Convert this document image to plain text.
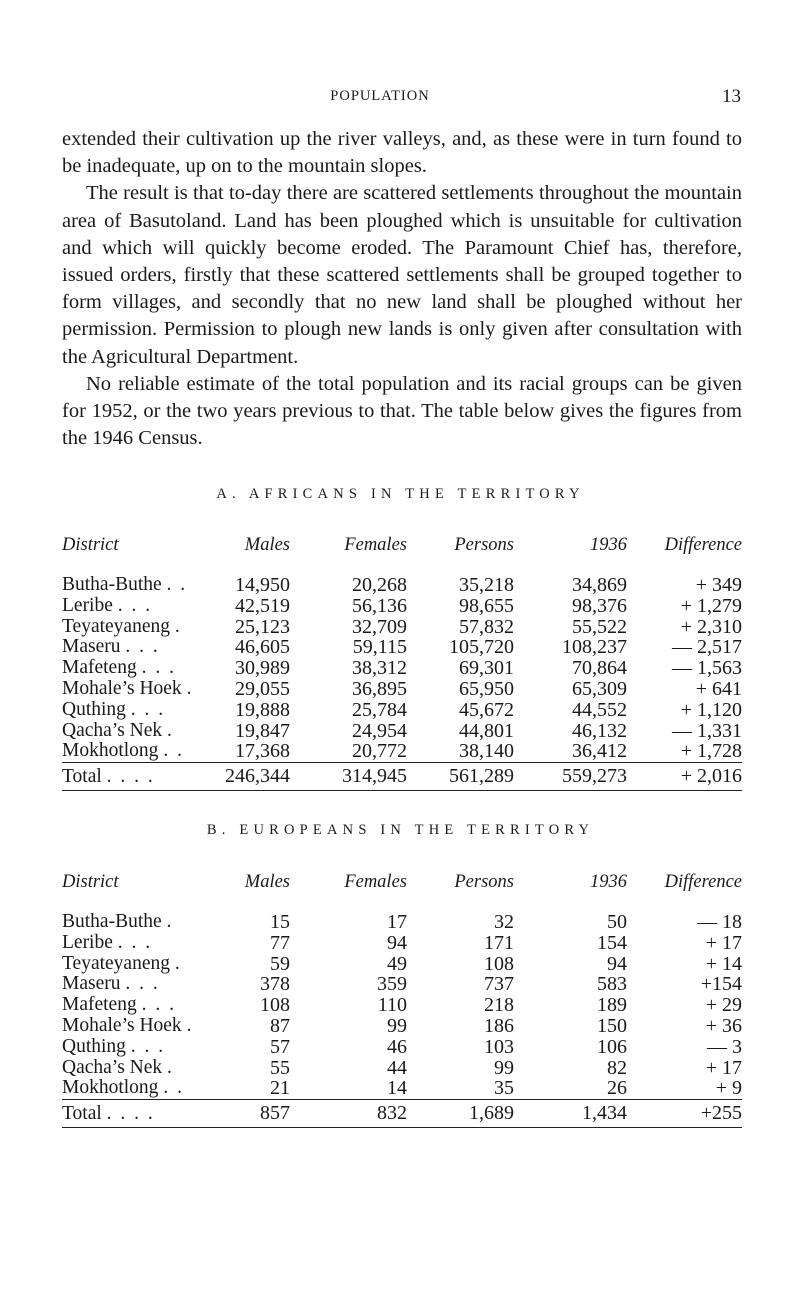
POPULATION	13

extended their cultivation up the river valleys, and, as these were in turn found to be inadequate, up on to the mountain slopes.

The result is that to-day there are scattered settlements throughout the mountain area of Basutoland. Land has been ploughed which is unsuitable for cultivation and which will quickly become eroded. The Paramount Chief has, therefore, issued orders, firstly that these scattered settlements shall be grouped together to form villages, and secondly that no new land shall be ploughed without her permission. Permission to plough new lands is only given after consultation with the Agricultural Department.

No reliable estimate of the total population and its racial groups can be given for 1952, or the two years previous to that. The table below gives the figures from the 1946 Census.

A. AFRICANS IN THE TERRITORY
District	Males	Females	Persons	1936	Difference
Butha-Buthe . .	14,950	20,268	35,218	34,869	+ 349
Leribe . . .	42,519	56,136	98,655	98,376	+ 1,279
Teyateyaneng .	25,123	32,709	57,832	55,522	+ 2,310
Maseru . . .	46,605	59,115	105,720	108,237	— 2,517
Mafeteng . . .	30,989	38,312	69,301	70,864	— 1,563
Mohale’s Hoek .	29,055	36,895	65,950	65,309	+ 641
Quthing . . .	19,888	25,784	45,672	44,552	+ 1,120
Qacha’s Nek .	19,847	24,954	44,801	46,132	— 1,331
Mokhotlong . .	17,368	20,772	38,140	36,412	+ 1,728
Total . . . .	246,344	314,945	561,289	559,273	+ 2,016
B. EUROPEANS IN THE TERRITORY
District	Males	Females	Persons	1936	Difference
Butha-Buthe .	15	17	32	50	— 18
Leribe . . .	77	94	171	154	+ 17
Teyateyaneng .	59	49	108	94	+ 14
Maseru . . .	378	359	737	583	+154
Mafeteng . . .	108	110	218	189	+ 29
Mohale’s Hoek .	87	99	186	150	+ 36
Quthing . . .	57	46	103	106	— 3
Qacha’s Nek .	55	44	99	82	+ 17
Mokhotlong . .	21	14	35	26	+ 9
Total . . . .	857	832	1,689	1,434	+255
